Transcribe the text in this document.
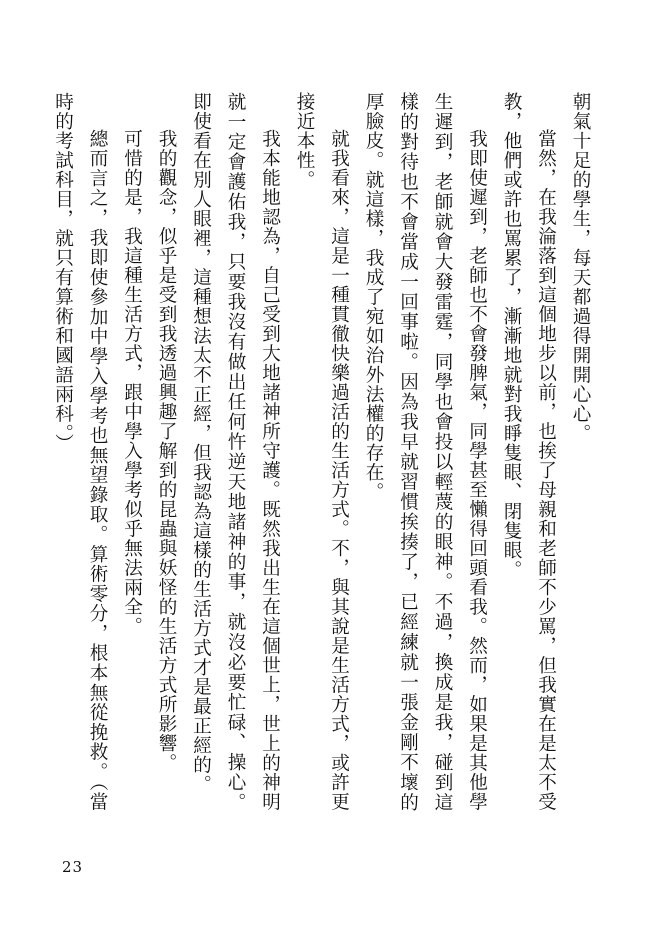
朝氣十足的學生，每天都過得開開心心。

當然，在我淪落到這個地步以前，也挨了母親和老師不少罵，但我實在是太不受教，他們或許也罵累了，漸漸地就對我睜隻眼、閉隻眼。

我即使遲到，老師也不會發脾氣，同學甚至懶得回頭看我。然而，如果是其他學生遲到，老師就會大發雷霆，同學也會投以輕蔑的眼神。不過，換成是我，碰到這樣的對待也不會當成一回事啦。因為我早就習慣挨揍了，已經練就一張金剛不壞的厚臉皮。就這樣，我成了宛如治外法權的存在。

就我看來，這是一種貫徹快樂過活的生活方式。不，與其說是生活方式，或許更接近本性。

我本能地認為，自己受到大地諸神所守護。既然我出生在這個世上，世上的神明就一定會護佑我，只要我沒有做出任何忤逆天地諸神的事，就沒必要忙碌、操心。即使看在別人眼裡，這種想法太不正經，但我認為這樣的生活方式才是最正經的。

我的觀念，似乎是受到我透過興趣了解到的昆蟲與妖怪的生活方式所影響。

可惜的是，我這種生活方式，跟中學入學考似乎無法兩全。

總而言之，我即使參加中學入學考也無望錄取。算術零分，根本無從挽救。（當時的考試科目，就只有算術和國語兩科。）

23
